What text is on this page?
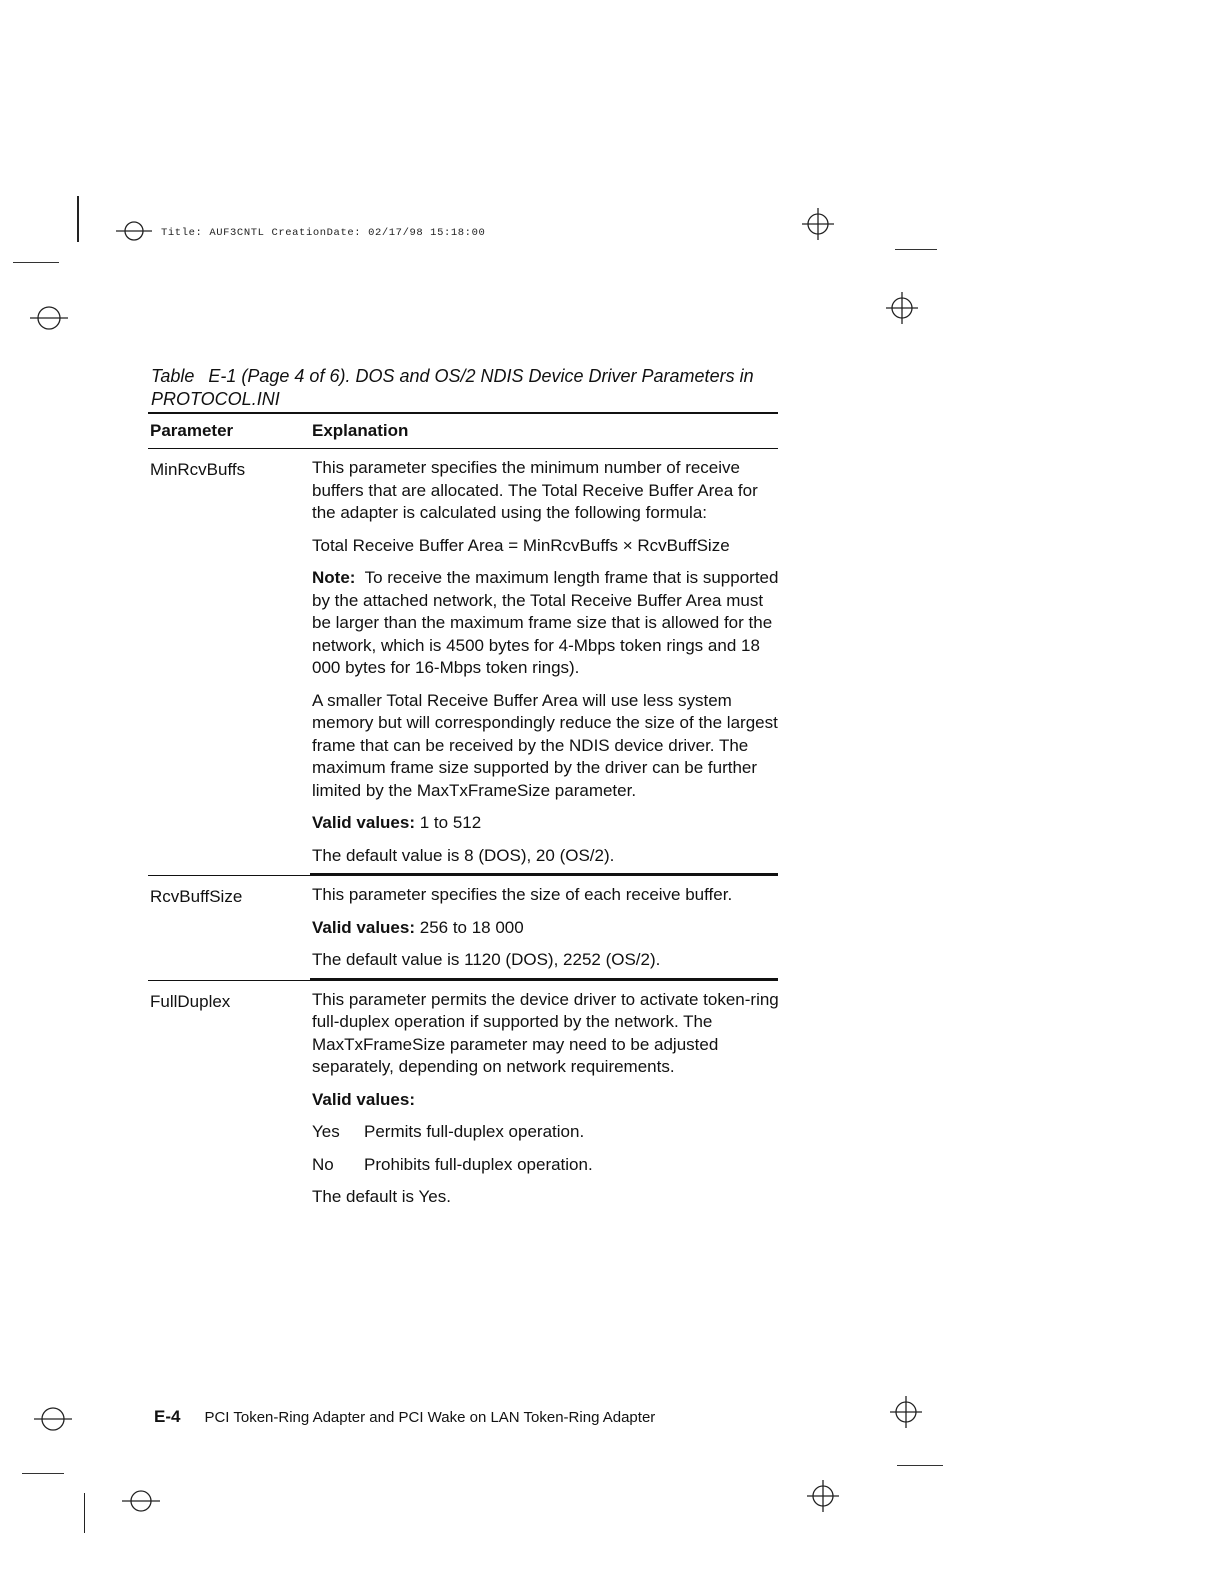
Title: AUF3CNTL CreationDate: 02/17/98 15:18:00
Table E-1 (Page 4 of 6). DOS and OS/2 NDIS Device Driver Parameters in PROTOCOL.INI
Parameter	Explanation
MinRcvBuffs	This parameter specifies the minimum number of receive buffers that are allocated. The Total Receive Buffer Area for the adapter is calculated using the following formula:

Total Receive Buffer Area = MinRcvBuffs × RcvBuffSize

Note: To receive the maximum length frame that is supported by the attached network, the Total Receive Buffer Area must be larger than the maximum frame size that is allowed for the network, which is 4500 bytes for 4-Mbps token rings and 18 000 bytes for 16-Mbps token rings).

A smaller Total Receive Buffer Area will use less system memory but will correspondingly reduce the size of the largest frame that can be received by the NDIS device driver. The maximum frame size supported by the driver can be further limited by the MaxTxFrameSize parameter.

Valid values: 1 to 512

The default value is 8 (DOS), 20 (OS/2).

RcvBuffSize	This parameter specifies the size of each receive buffer.

Valid values: 256 to 18 000

The default value is 1120 (DOS), 2252 (OS/2).

FullDuplex	This parameter permits the device driver to activate token-ring full-duplex operation if supported by the network. The MaxTxFrameSize parameter may need to be adjusted separately, depending on network requirements.

Valid values:

Yes	Permits full-duplex operation.
No	Prohibits full-duplex operation.

The default is Yes.

E-4 PCI Token-Ring Adapter and PCI Wake on LAN Token-Ring Adapter
